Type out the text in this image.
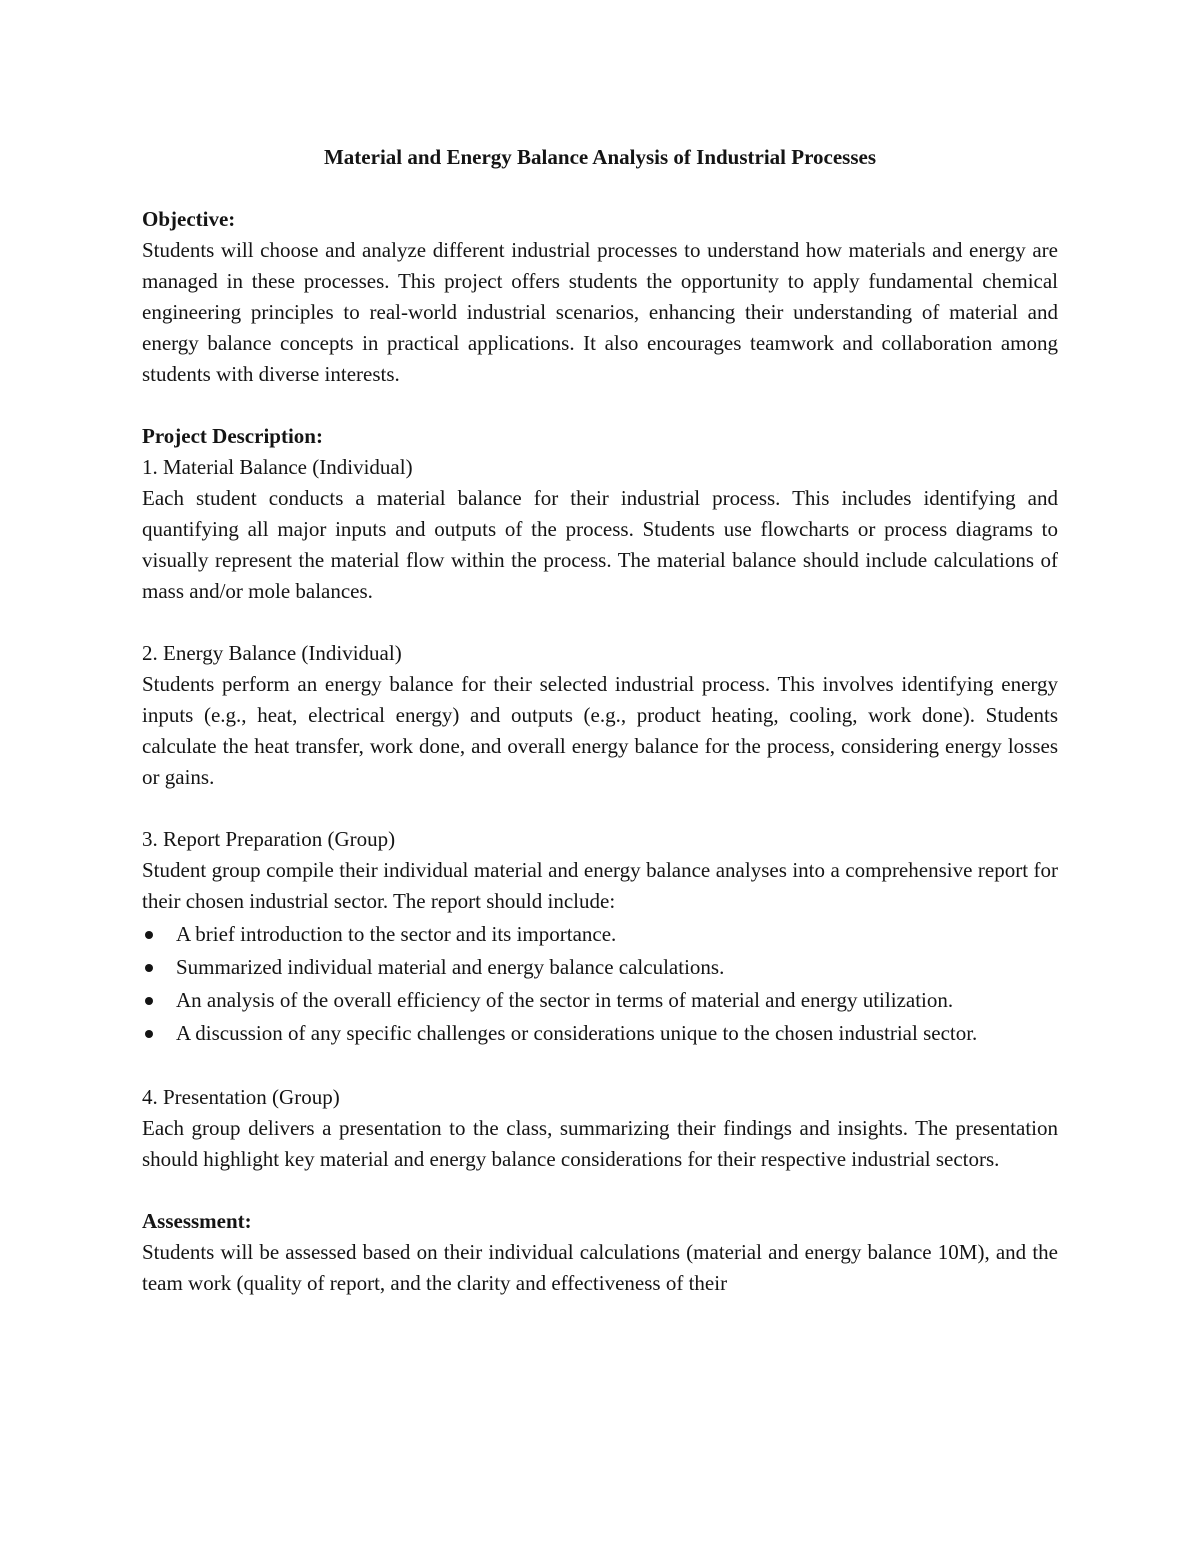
Material and Energy Balance Analysis of Industrial Processes

Objective:

Students will choose and analyze different industrial processes to understand how materials and energy are managed in these processes. This project offers students the opportunity to apply fundamental chemical engineering principles to real-world industrial scenarios, enhancing their understanding of material and energy balance concepts in practical applications. It also encourages teamwork and collaboration among students with diverse interests.

Project Description:

1. Material Balance (Individual)

Each student conducts a material balance for their industrial process. This includes identifying and quantifying all major inputs and outputs of the process. Students use flowcharts or process diagrams to visually represent the material flow within the process. The material balance should include calculations of mass and/or mole balances.

2. Energy Balance (Individual)

Students perform an energy balance for their selected industrial process. This involves identifying energy inputs (e.g., heat, electrical energy) and outputs (e.g., product heating, cooling, work done). Students calculate the heat transfer, work done, and overall energy balance for the process, considering energy losses or gains.

3. Report Preparation (Group)

Student group compile their individual material and energy balance analyses into a comprehensive report for their chosen industrial sector. The report should include:

A brief introduction to the sector and its importance.
Summarized individual material and energy balance calculations.
An analysis of the overall efficiency of the sector in terms of material and energy utilization.
A discussion of any specific challenges or considerations unique to the chosen industrial sector.

4. Presentation (Group)

Each group delivers a presentation to the class, summarizing their findings and insights. The presentation should highlight key material and energy balance considerations for their respective industrial sectors.

Assessment:

Students will be assessed based on their individual calculations (material and energy balance 10M), and the team work (quality of report, and the clarity and effectiveness of their
